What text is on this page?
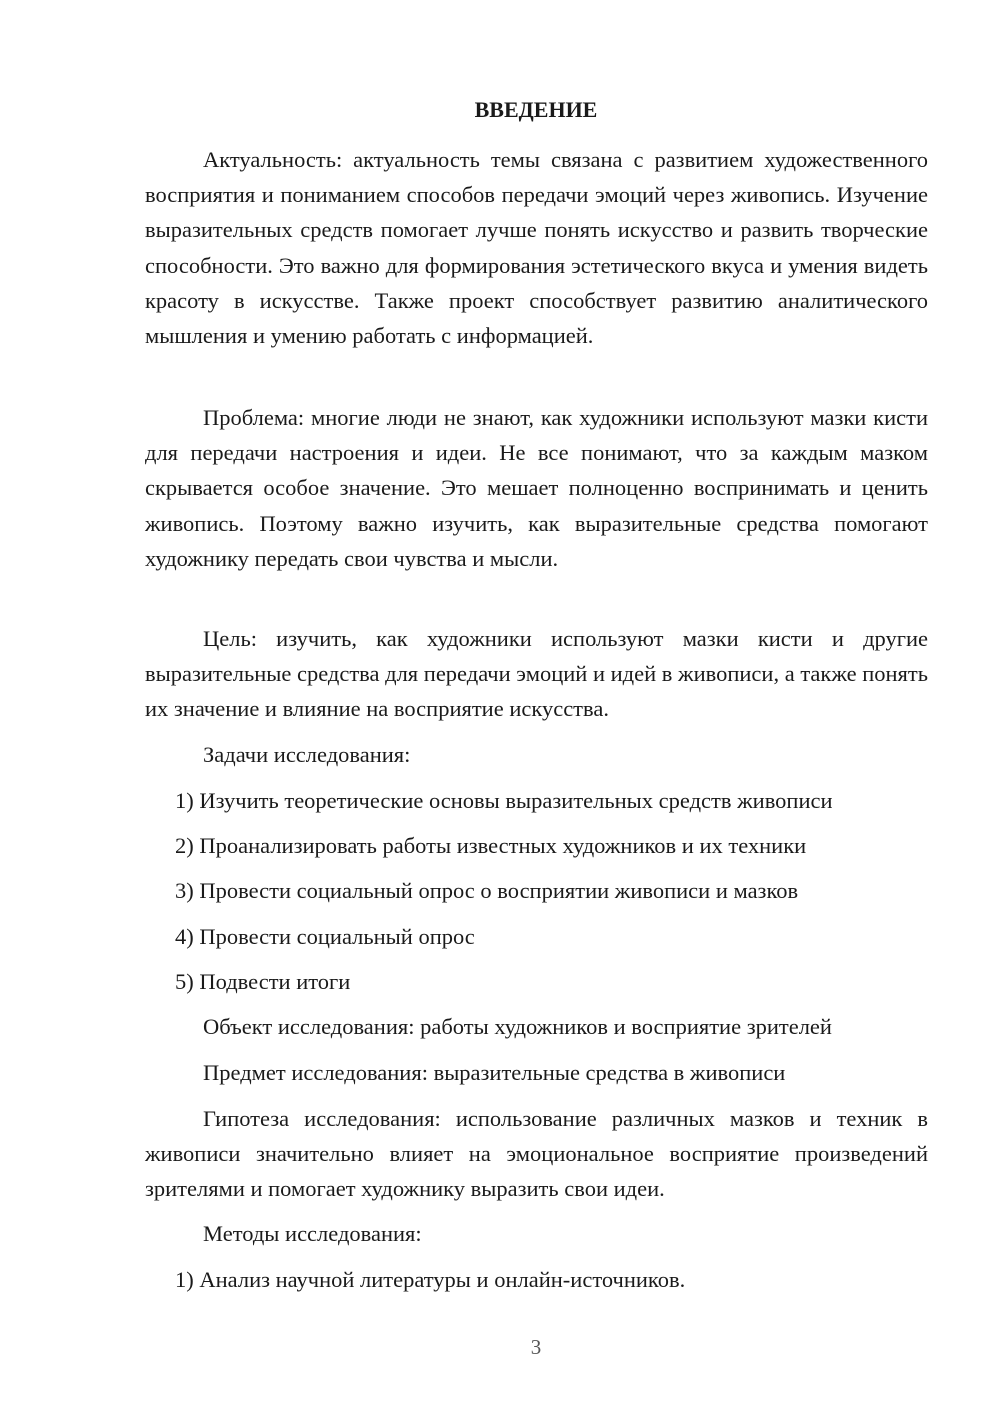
ВВЕДЕНИЕ

Актуальность: актуальность темы связана с развитием художественного восприятия и пониманием способов передачи эмоций через живопись. Изучение выразительных средств помогает лучше понять искусство и развить творческие способности. Это важно для формирования эстетического вкуса и умения видеть красоту в искусстве. Также проект способствует развитию аналитического мышления и умению работать с информацией.

Проблема: многие люди не знают, как художники используют мазки кисти для передачи настроения и идеи. Не все понимают, что за каждым мазком скрывается особое значение. Это мешает полноценно воспринимать и ценить живопись. Поэтому важно изучить, как выразительные средства помогают художнику передать свои чувства и мысли.

Цель: изучить, как художники используют мазки кисти и другие выразительные средства для передачи эмоций и идей в живописи, а также понять их значение и влияние на восприятие искусства.

Задачи исследования:

1) Изучить теоретические основы выразительных средств живописи

2) Проанализировать работы известных художников и их техники

3) Провести социальный опрос о восприятии живописи и мазков

4) Провести социальный опрос

5) Подвести итоги

Объект исследования: работы художников и восприятие зрителей

Предмет исследования: выразительные средства в живописи

Гипотеза исследования: использование различных мазков и техник в живописи значительно влияет на эмоциональное восприятие произведений зрителями и помогает художнику выразить свои идеи.

Методы исследования:

1) Анализ научной литературы и онлайн-источников.

3
